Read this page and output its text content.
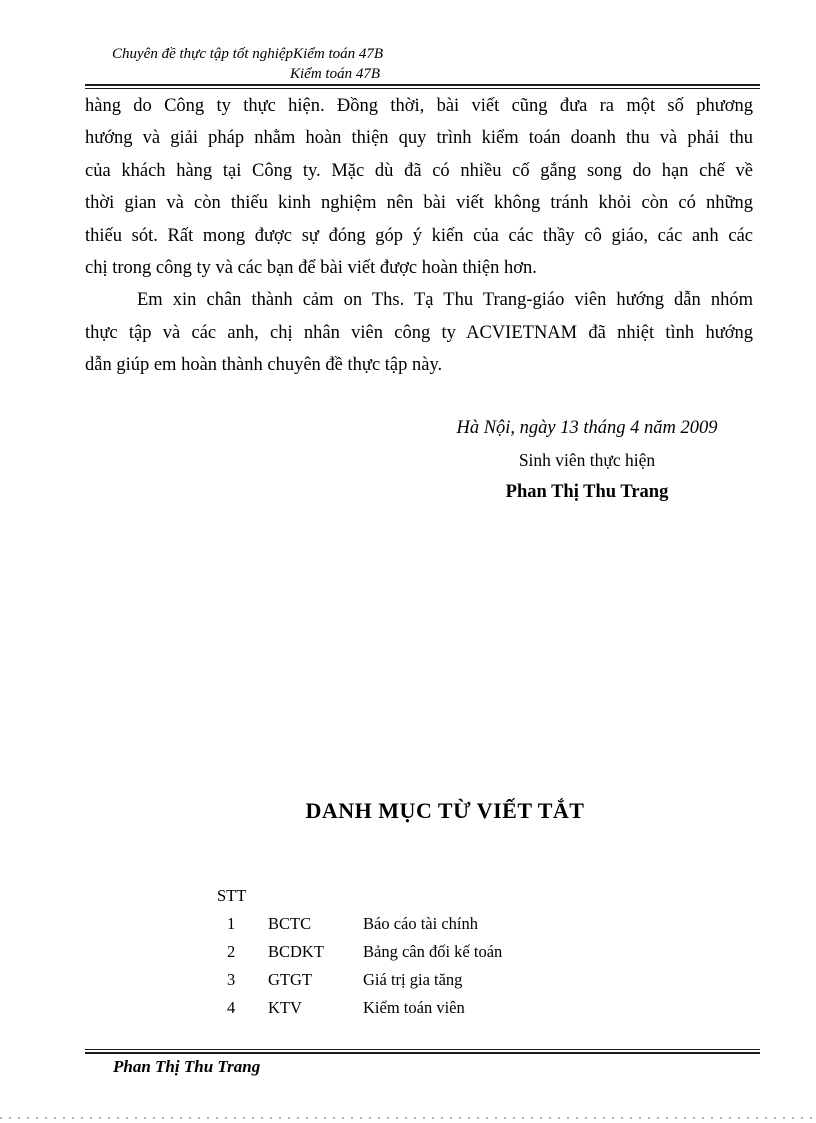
Chuyên đề thực tập tốt nghiệpKiểm toán 47B
Kiểm toán 47B
hàng do Công ty thực hiện. Đồng thời, bài viết cũng đưa ra một số phương
hướng và giải pháp nhằm hoàn thiện quy trình kiểm toán doanh thu và phải thu
của khách hàng tại Công ty. Mặc dù đã có nhiều cố gắng song do hạn chế về
thời gian và còn thiếu kinh nghiệm nên bài viết không tránh khỏi còn có những
thiếu sót. Rất mong được sự đóng góp ý kiến của các thầy cô giáo, các anh các
chị trong công ty và các bạn để bài viết được hoàn thiện hơn.
Em xin chân thành cảm on Ths. Tạ Thu Trang-giáo viên hướng dẫn nhóm
thực tập và các anh, chị nhân viên công ty ACVIETNAM đã nhiệt tình hướng
dẫn giúp em hoàn thành chuyên đề thực tập này.
Hà Nội, ngày 13 tháng 4 năm 2009
Sinh viên thực hiện
Phan Thị Thu Trang
DANH MỤC TỪ VIẾT TẮT
STT
1	BCTC	Báo cáo tài chính
2	BCDKT	Bảng cân đối kế toán
3	GTGT	Giá trị gia tăng
4	KTV	Kiểm toán viên
Phan Thị Thu Trang
